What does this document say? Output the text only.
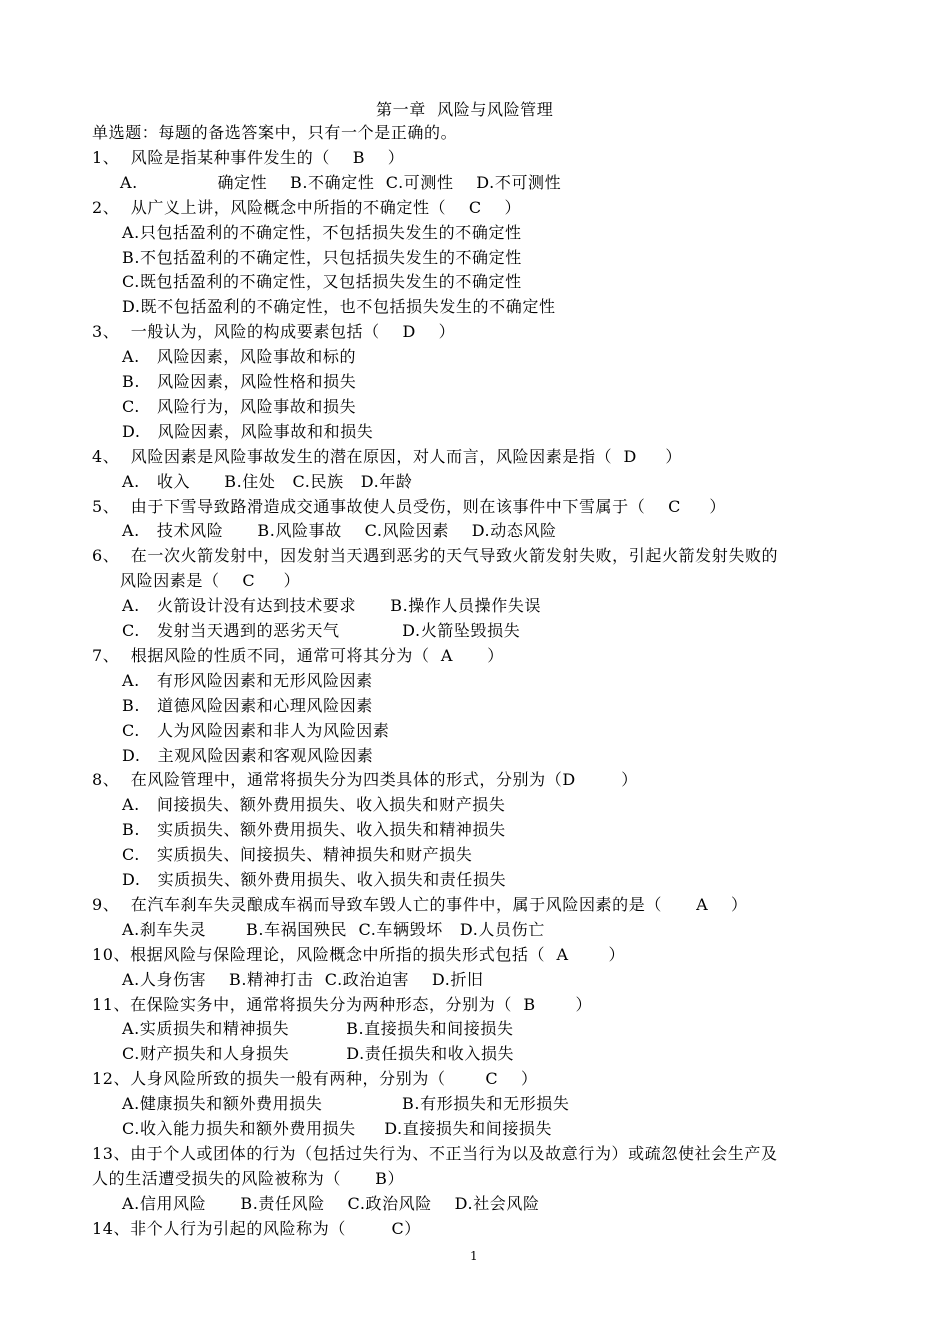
第一章  风险与风险管理
单选题：每题的备选答案中，只有一个是正确的。
1、  风险是指某种事件发生的（    B    ）
A.              确定性    B.不确定性  C.可测性    D.不可测性
2、  从广义上讲，风险概念中所指的不确定性（    C    ）
A.只包括盈利的不确定性，不包括损失发生的不确定性
B.不包括盈利的不确定性，只包括损失发生的不确定性
C.既包括盈利的不确定性，又包括损失发生的不确定性
D.既不包括盈利的不确定性，也不包括损失发生的不确定性
3、  一般认为，风险的构成要素包括（    D    ）
A.   风险因素，风险事故和标的
B.   风险因素，风险性格和损失
C.   风险行为，风险事故和损失
D.   风险因素，风险事故和和损失
4、  风险因素是风险事故发生的潜在原因，对人而言，风险因素是指（  D     ）
A.   收入      B.住处   C.民族   D.年龄
5、  由于下雪导致路滑造成交通事故使人员受伤，则在该事件中下雪属于（    C     ）
A.   技术风险      B.风险事故    C.风险因素    D.动态风险
6、  在一次火箭发射中，因发射当天遇到恶劣的天气导致火箭发射失败，引起火箭发射失败的
风险因素是（    C     ）
A.   火箭设计没有达到技术要求      B.操作人员操作失误
C.   发射当天遇到的恶劣天气           D.火箭坠毁损失
7、  根据风险的性质不同，通常可将其分为（  A      ）
A.   有形风险因素和无形风险因素
B.   道德风险因素和心理风险因素
C.   人为风险因素和非人为风险因素
D.   主观风险因素和客观风险因素
8、  在风险管理中，通常将损失分为四类具体的形式，分别为（D        ）
A.   间接损失、额外费用损失、收入损失和财产损失
B.   实质损失、额外费用损失、收入损失和精神损失
C.   实质损失、间接损失、精神损失和财产损失
D.   实质损失、额外费用损失、收入损失和责任损失
9、  在汽车刹车失灵酿成车祸而导致车毁人亡的事件中，属于风险因素的是（      A    ）
A.刹车失灵       B.车祸国殃民  C.车辆毁坏   D.人员伤亡
10、根据风险与保险理论，风险概念中所指的损失形式包括（  A       ）
A.人身伤害    B.精神打击  C.政治迫害    D.折旧
11、在保险实务中，通常将损失分为两种形态，分别为（  B       ）
A.实质损失和精神损失          B.直接损失和间接损失
C.财产损失和人身损失          D.责任损失和收入损失
12、人身风险所致的损失一般有两种，分别为（       C    ）
A.健康损失和额外费用损失              B.有形损失和无形损失
C.收入能力损失和额外费用损失     D.直接损失和间接损失
13、由于个人或团体的行为（包括过失行为、不正当行为以及故意行为）或疏忽使社会生产及
人的生活遭受损失的风险被称为（      B）
A.信用风险      B.责任风险    C.政治风险    D.社会风险
14、非个人行为引起的风险称为（        C）
1
